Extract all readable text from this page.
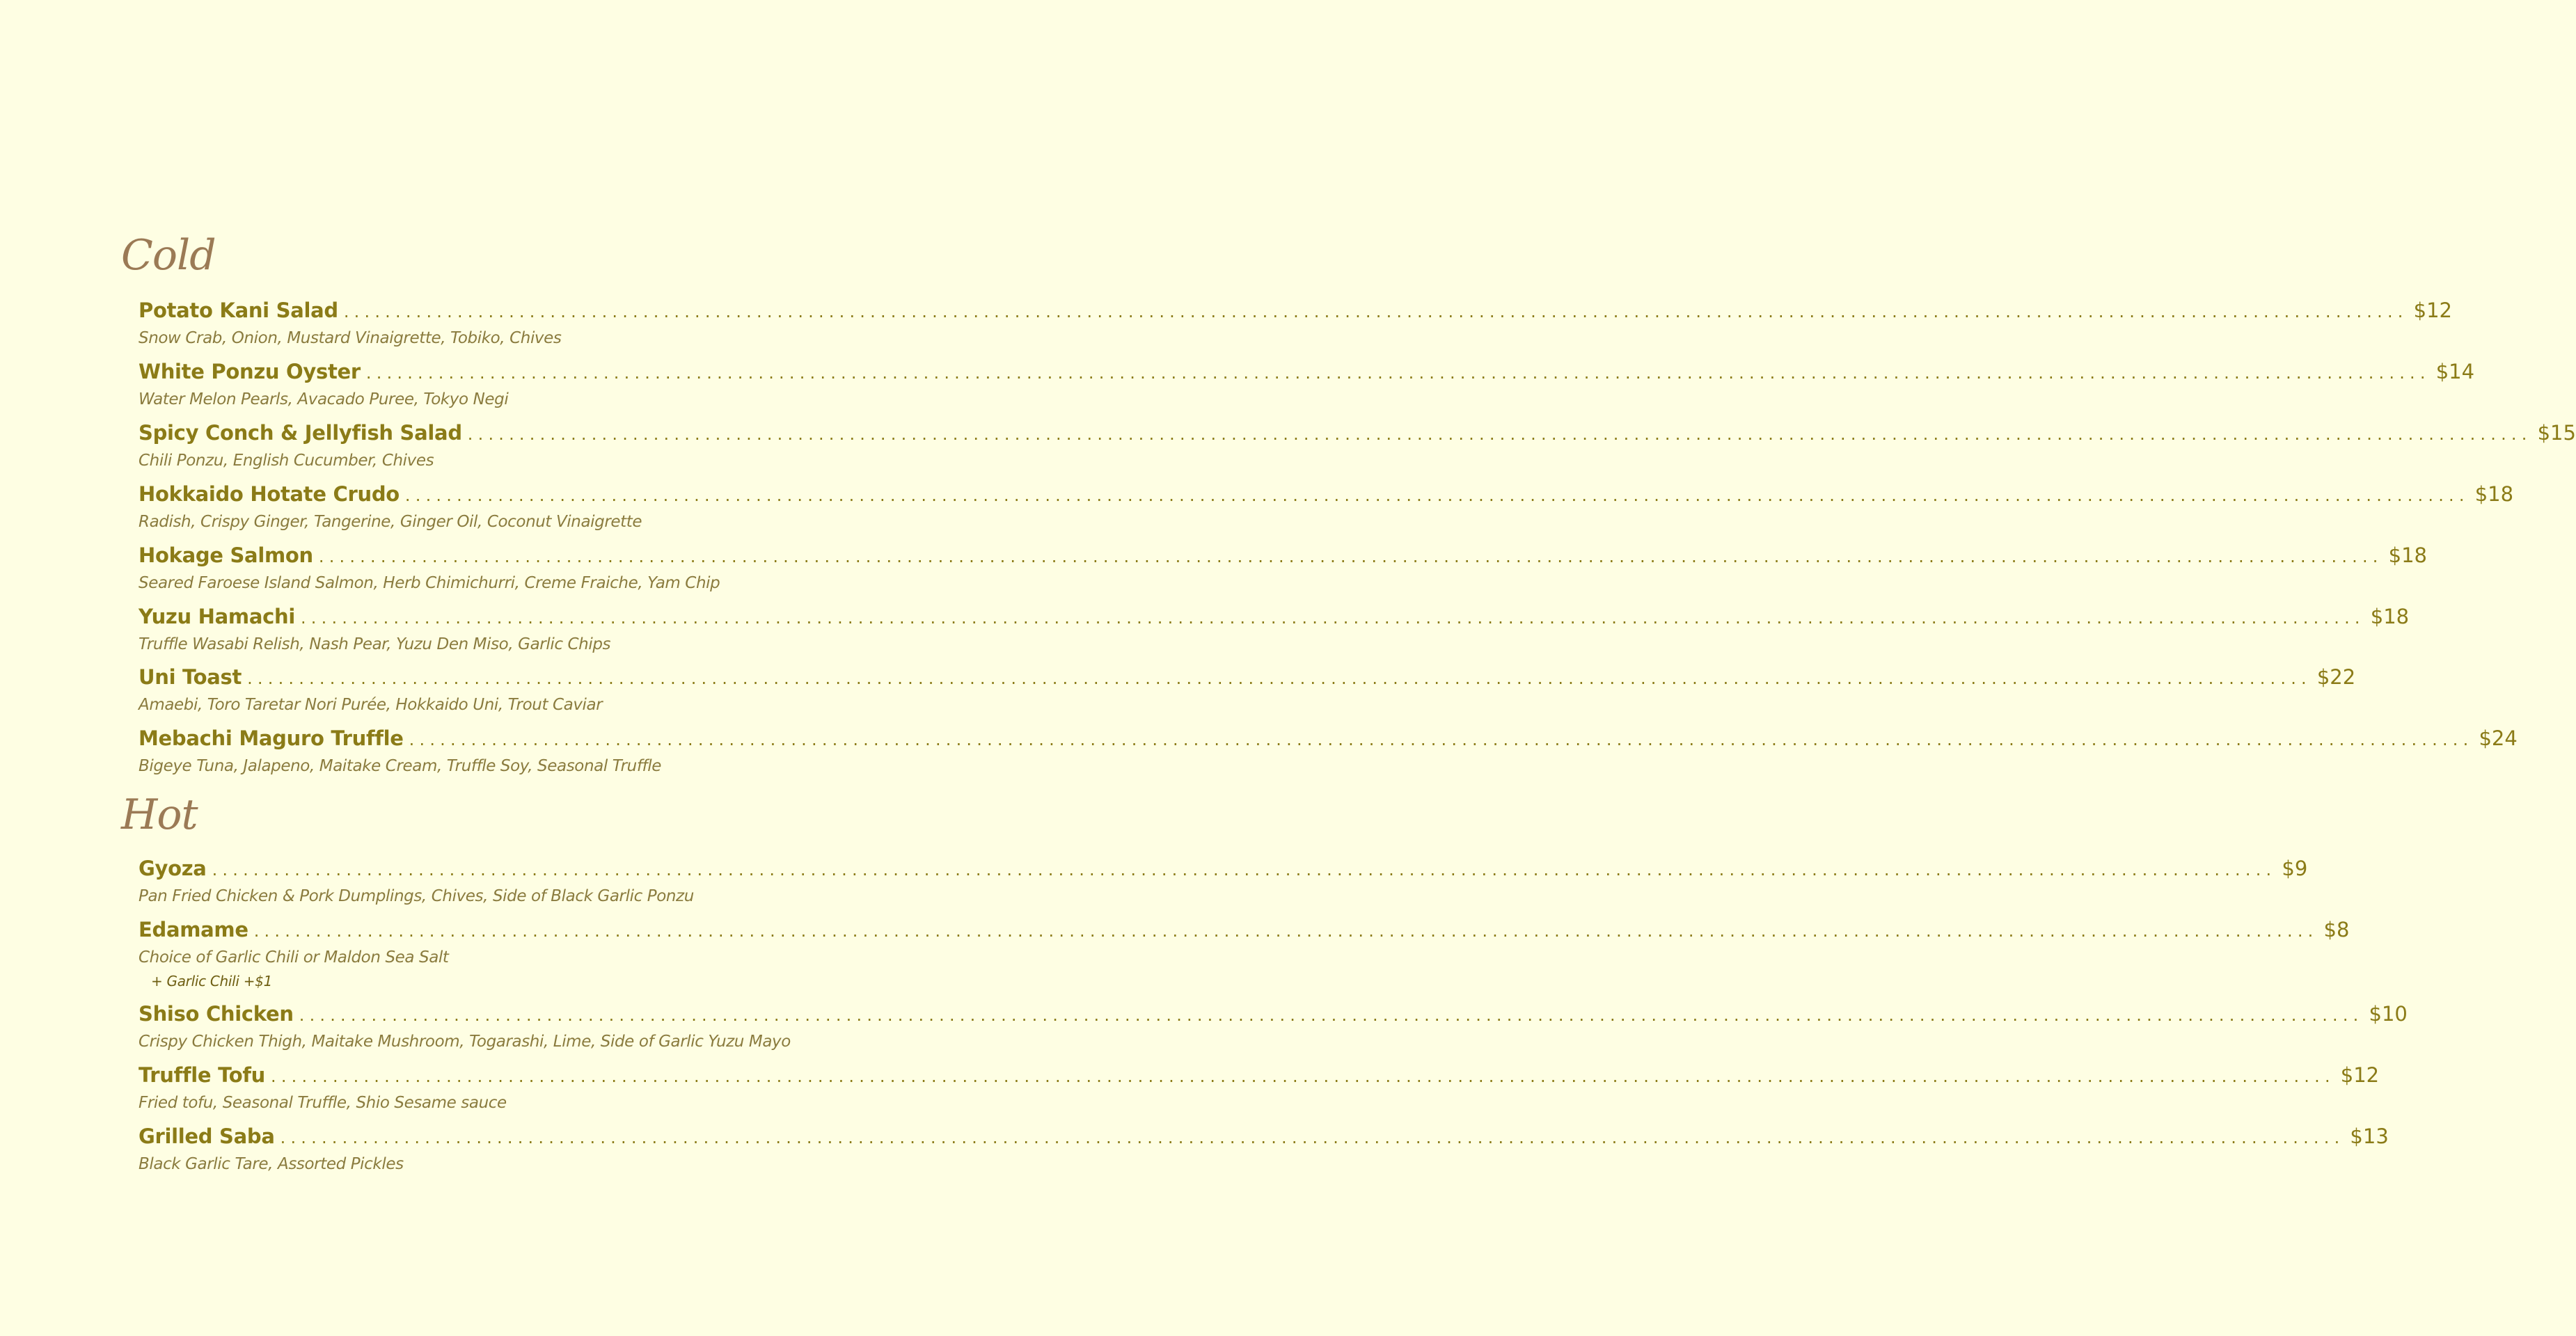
Cold
Potato Kani Salad ........................................................................................................................................................................................................ $12

Snow Crab, Onion, Mustard Vinaigrette, Tobiko, Chives

White Ponzu Oyster ........................................................................................................................................................................................................ $14

Water Melon Pearls, Avacado Puree, Tokyo Negi

Spicy Conch & Jellyfish Salad ........................................................................................................................................................................................................ $15

Chili Ponzu, English Cucumber, Chives

Hokkaido Hotate Crudo ........................................................................................................................................................................................................ $18

Radish, Crispy Ginger, Tangerine, Ginger Oil, Coconut Vinaigrette

Hokage Salmon ........................................................................................................................................................................................................ $18

Seared Faroese Island Salmon, Herb Chimichurri, Creme Fraiche, Yam Chip

Yuzu Hamachi ........................................................................................................................................................................................................ $18

Truffle Wasabi Relish, Nash Pear, Yuzu Den Miso, Garlic Chips

Uni Toast ........................................................................................................................................................................................................ $22

Amaebi, Toro Taretar Nori Purée, Hokkaido Uni, Trout Caviar

Mebachi Maguro Truffle ........................................................................................................................................................................................................ $24

Bigeye Tuna, Jalapeno, Maitake Cream, Truffle Soy, Seasonal Truffle

Hot
Gyoza ........................................................................................................................................................................................................ $9

Pan Fried Chicken & Pork Dumplings, Chives, Side of Black Garlic Ponzu

Edamame ........................................................................................................................................................................................................ $8

Choice of Garlic Chili or Maldon Sea Salt

+ Garlic Chili +$1

Shiso Chicken ........................................................................................................................................................................................................ $10

Crispy Chicken Thigh, Maitake Mushroom, Togarashi, Lime, Side of Garlic Yuzu Mayo

Truffle Tofu ........................................................................................................................................................................................................ $12

Fried tofu, Seasonal Truffle, Shio Sesame sauce

Grilled Saba ........................................................................................................................................................................................................ $13

Black Garlic Tare, Assorted Pickles
